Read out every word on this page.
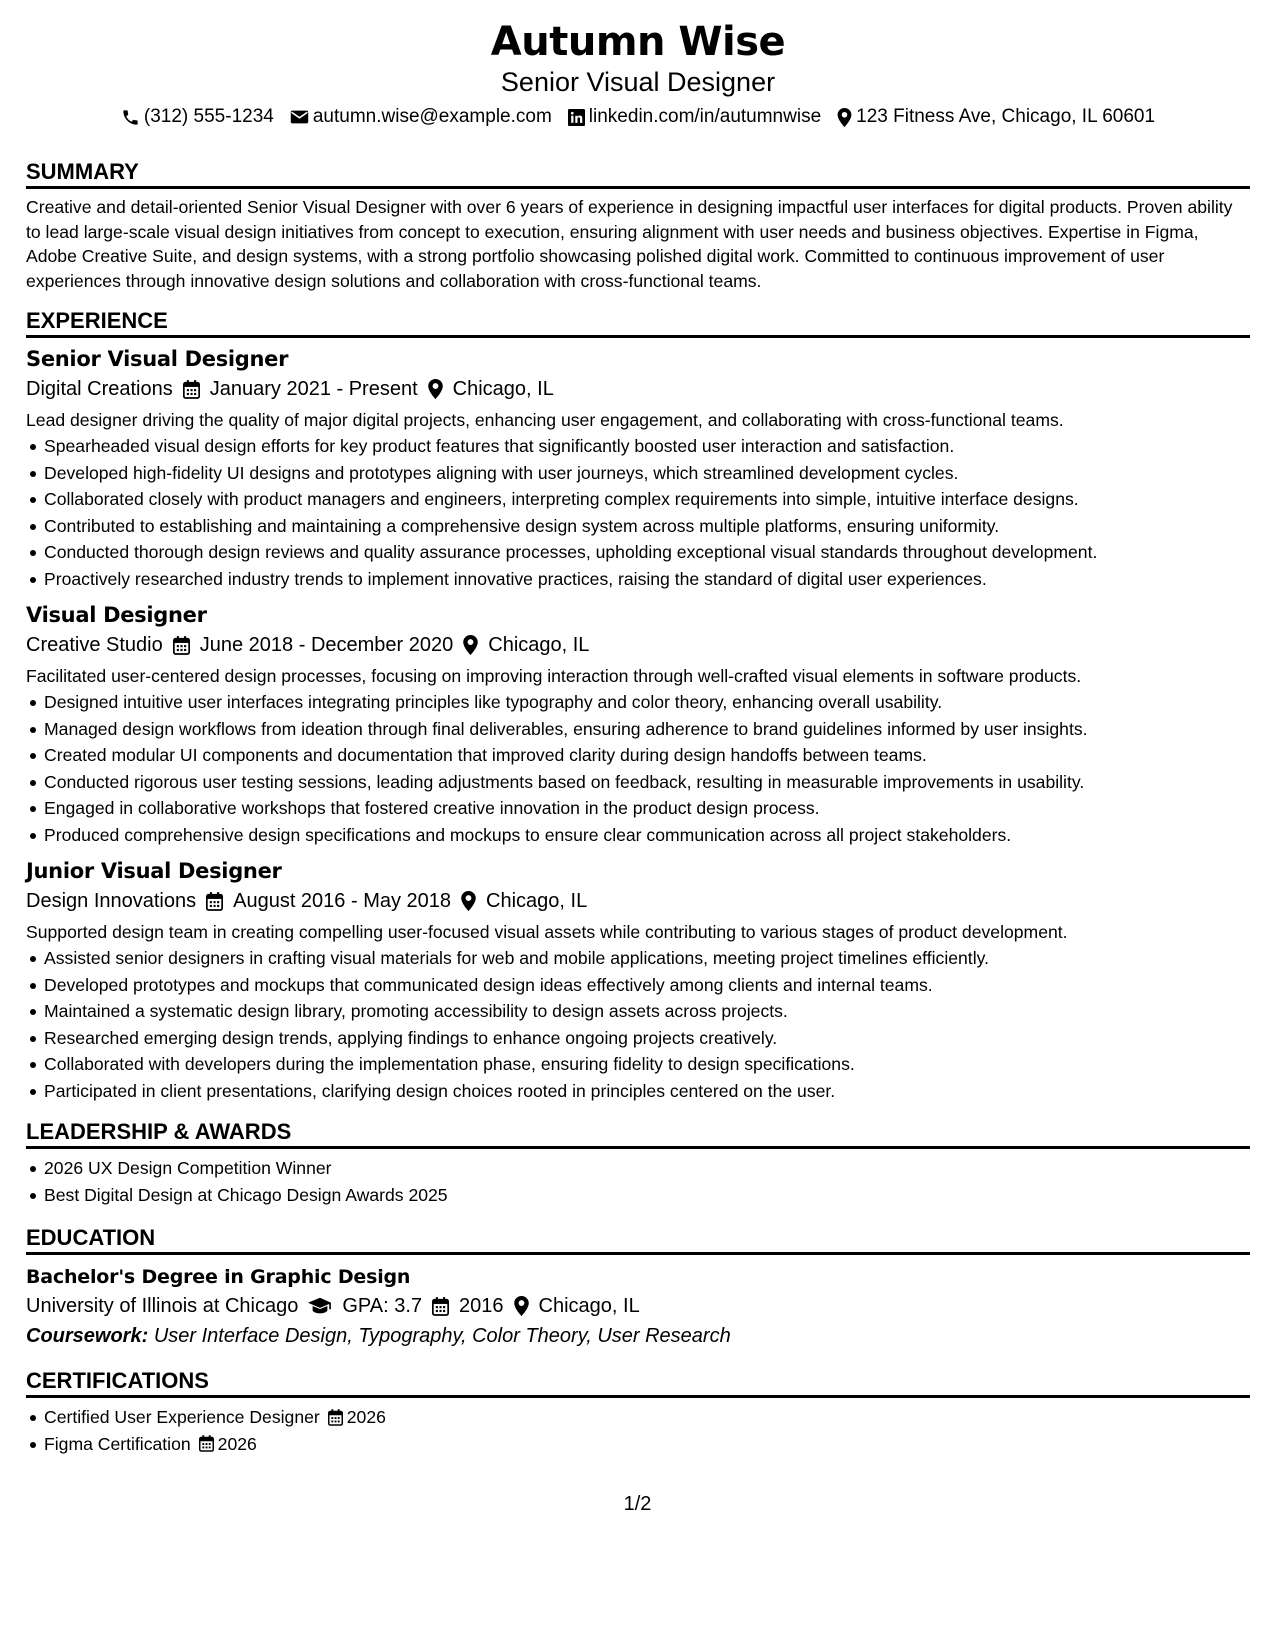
Autumn Wise
Senior Visual Designer
(312) 555-1234 autumn.wise@example.com linkedin.com/in/autumnwise 123 Fitness Ave, Chicago, IL 60601
SUMMARY
Creative and detail-oriented Senior Visual Designer with over 6 years of experience in designing impactful user interfaces for digital products. Proven ability to lead large-scale visual design initiatives from concept to execution, ensuring alignment with user needs and business objectives. Expertise in Figma, Adobe Creative Suite, and design systems, with a strong portfolio showcasing polished digital work. Committed to continuous improvement of user experiences through innovative design solutions and collaboration with cross-functional teams.
EXPERIENCE
Senior Visual Designer
Digital Creations January 2021 - Present Chicago, IL
Lead designer driving the quality of major digital projects, enhancing user engagement, and collaborating with cross-functional teams.
Spearheaded visual design efforts for key product features that significantly boosted user interaction and satisfaction.
Developed high-fidelity UI designs and prototypes aligning with user journeys, which streamlined development cycles.
Collaborated closely with product managers and engineers, interpreting complex requirements into simple, intuitive interface designs.
Contributed to establishing and maintaining a comprehensive design system across multiple platforms, ensuring uniformity.
Conducted thorough design reviews and quality assurance processes, upholding exceptional visual standards throughout development.
Proactively researched industry trends to implement innovative practices, raising the standard of digital user experiences.
Visual Designer
Creative Studio June 2018 - December 2020 Chicago, IL
Facilitated user-centered design processes, focusing on improving interaction through well-crafted visual elements in software products.
Designed intuitive user interfaces integrating principles like typography and color theory, enhancing overall usability.
Managed design workflows from ideation through final deliverables, ensuring adherence to brand guidelines informed by user insights.
Created modular UI components and documentation that improved clarity during design handoffs between teams.
Conducted rigorous user testing sessions, leading adjustments based on feedback, resulting in measurable improvements in usability.
Engaged in collaborative workshops that fostered creative innovation in the product design process.
Produced comprehensive design specifications and mockups to ensure clear communication across all project stakeholders.
Junior Visual Designer
Design Innovations August 2016 - May 2018 Chicago, IL
Supported design team in creating compelling user-focused visual assets while contributing to various stages of product development.
Assisted senior designers in crafting visual materials for web and mobile applications, meeting project timelines efficiently.
Developed prototypes and mockups that communicated design ideas effectively among clients and internal teams.
Maintained a systematic design library, promoting accessibility to design assets across projects.
Researched emerging design trends, applying findings to enhance ongoing projects creatively.
Collaborated with developers during the implementation phase, ensuring fidelity to design specifications.
Participated in client presentations, clarifying design choices rooted in principles centered on the user.
LEADERSHIP & AWARDS
2026 UX Design Competition Winner
Best Digital Design at Chicago Design Awards 2025
EDUCATION
Bachelor's Degree in Graphic Design
University of Illinois at Chicago GPA: 3.7 2016 Chicago, IL
Coursework: User Interface Design, Typography, Color Theory, User Research
CERTIFICATIONS
Certified User Experience Designer 2026
Figma Certification 2026
1/2
